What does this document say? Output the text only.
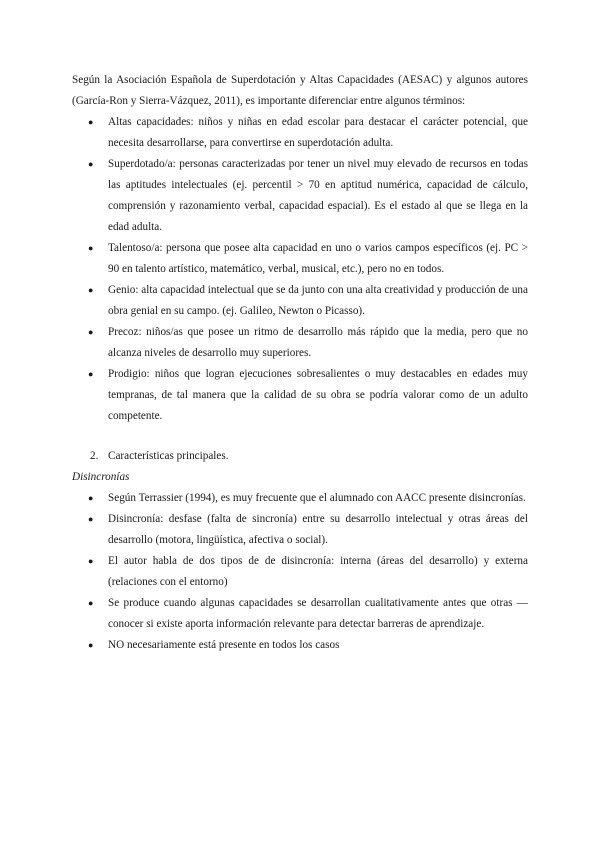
Según la Asociación Española de Superdotación y Altas Capacidades (AESAC) y algunos autores (García-Ron y Sierra-Vázquez, 2011), es importante diferenciar entre algunos términos:

● Altas capacidades: niños y niñas en edad escolar para destacar el carácter potencial, que necesita desarrollarse, para convertirse en superdotación adulta.
● Superdotado/a: personas caracterizadas por tener un nivel muy elevado de recursos en todas las aptitudes intelectuales (ej. percentil > 70 en aptitud numérica, capacidad de cálculo, comprensión y razonamiento verbal, capacidad espacial). Es el estado al que se llega en la edad adulta.
● Talentoso/a: persona que posee alta capacidad en uno o varios campos específicos (ej. PC > 90 en talento artístico, matemático, verbal, musical, etc.), pero no en todos.
● Genio: alta capacidad intelectual que se da junto con una alta creatividad y producción de una obra genial en su campo. (ej. Galileo, Newton o Picasso).
● Precoz: niños/as que posee un ritmo de desarrollo más rápido que la media, pero que no alcanza niveles de desarrollo muy superiores.
● Prodigio: niños que logran ejecuciones sobresalientes o muy destacables en edades muy tempranas, de tal manera que la calidad de su obra se podría valorar como de un adulto competente.
2. Características principales.

Disincronías

● Según Terrassier (1994), es muy frecuente que el alumnado con AACC presente disincronías.
● Disincronía: desfase (falta de sincronía) entre su desarrollo intelectual y otras áreas del desarrollo (motora, lingüística, afectiva o social).
● El autor habla de dos tipos de de disincronía: interna (áreas del desarrollo) y externa (relaciones con el entorno)
● Se produce cuando algunas capacidades se desarrollan cualitativamente antes que otras — conocer si existe aporta información relevante para detectar barreras de aprendizaje.
● NO necesariamente está presente en todos los casos
